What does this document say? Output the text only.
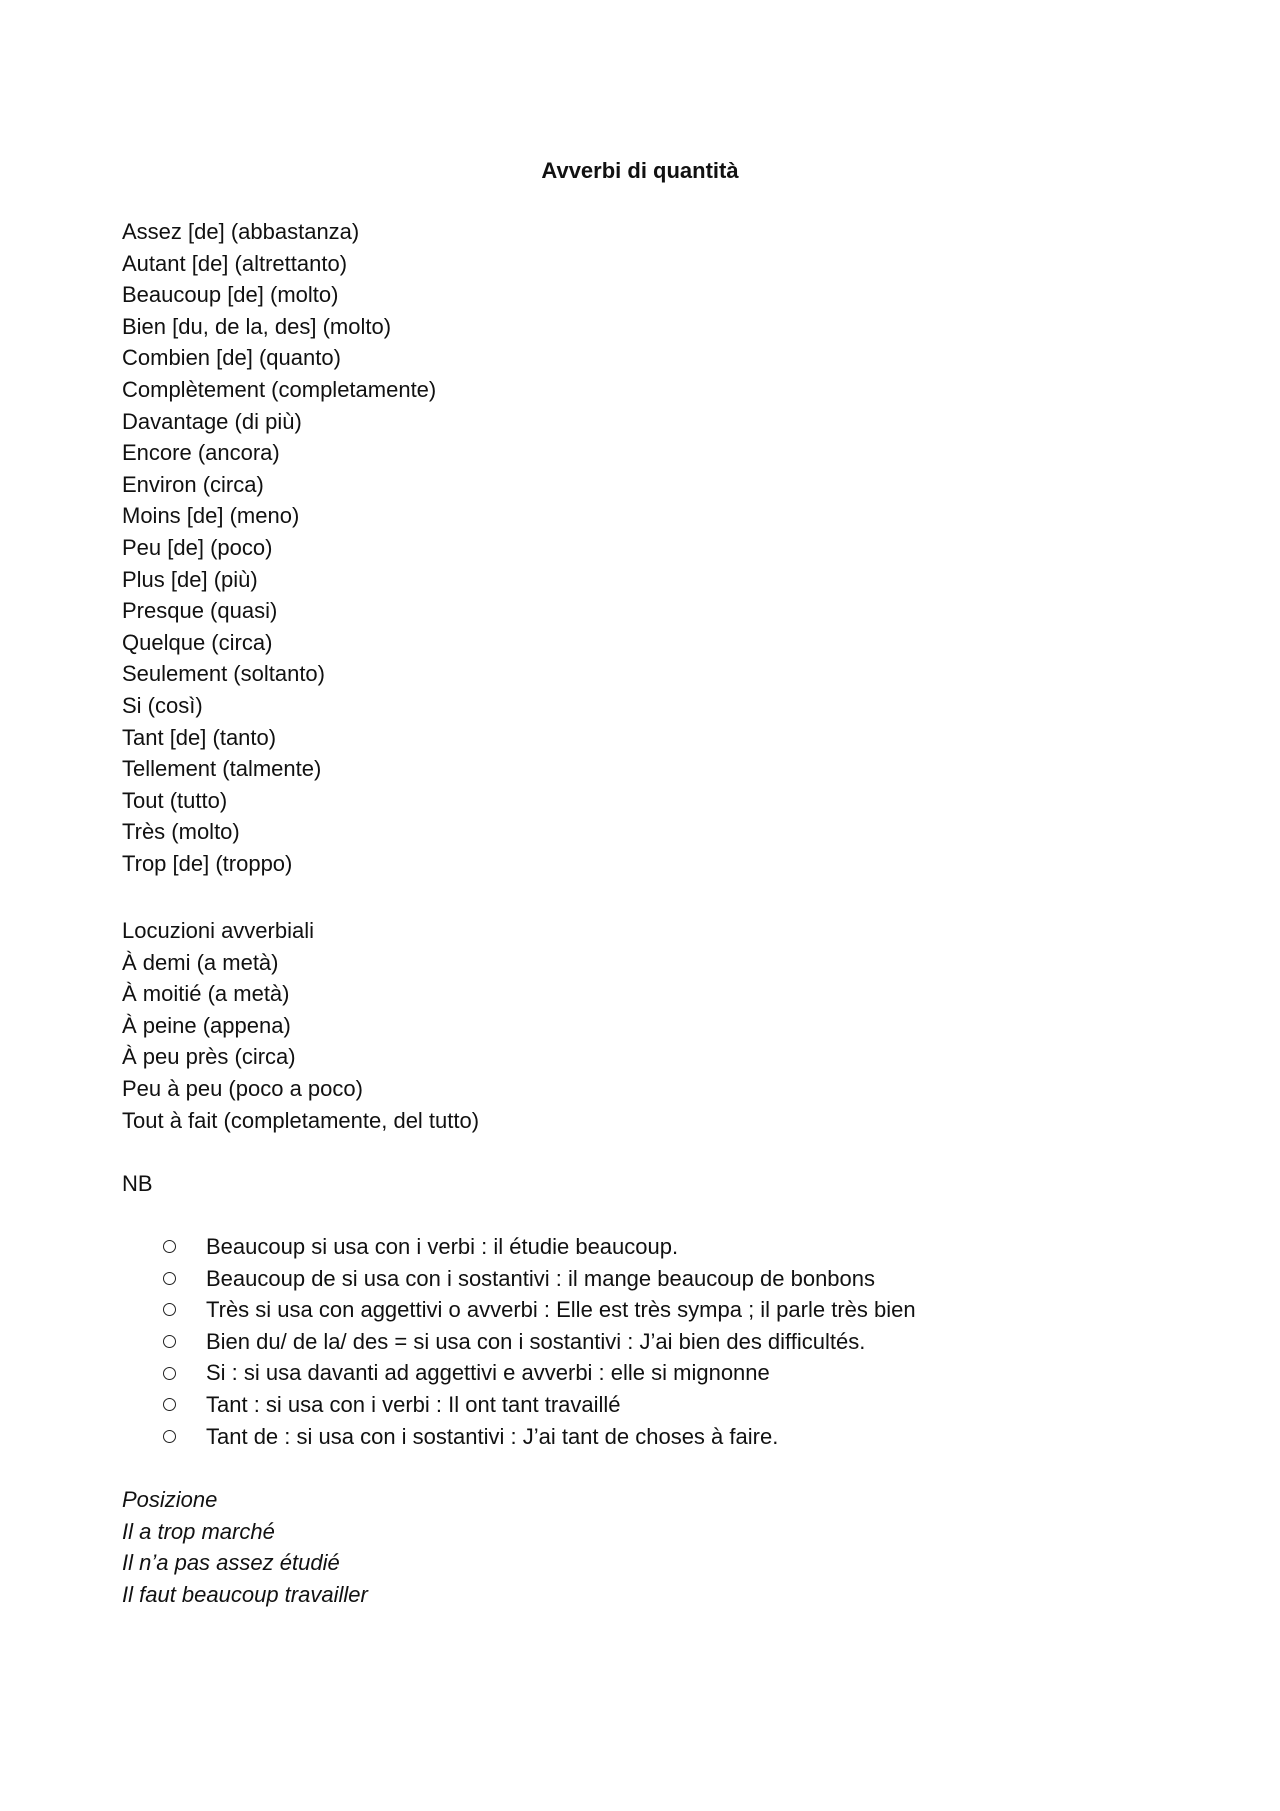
Avverbi di quantità
Assez [de] (abbastanza)
Autant [de] (altrettanto)
Beaucoup [de] (molto)
Bien [du, de la, des] (molto)
Combien [de] (quanto)
Complètement (completamente)
Davantage (di più)
Encore (ancora)
Environ (circa)
Moins [de] (meno)
Peu [de] (poco)
Plus [de] (più)
Presque (quasi)
Quelque (circa)
Seulement (soltanto)
Si (così)
Tant [de] (tanto)
Tellement (talmente)
Tout (tutto)
Très (molto)
Trop [de] (troppo)
Locuzioni avverbiali
À demi (a metà)
À moitié (a metà)
À peine (appena)
À peu près (circa)
Peu à peu (poco a poco)
Tout à fait (completamente, del tutto)
NB
Beaucoup si usa con i verbi : il étudie beaucoup.
Beaucoup de si usa con i sostantivi : il mange beaucoup de bonbons
Très si usa con aggettivi o avverbi : Elle est très sympa ; il parle très bien
Bien du/ de la/ des = si usa con i sostantivi : J’ai bien des difficultés.
Si : si usa davanti ad aggettivi e avverbi : elle si mignonne
Tant : si usa con i verbi : Il ont tant travaillé
Tant de : si usa con i sostantivi : J’ai tant de choses à faire.
Posizione
Il a trop marché
Il n’a pas assez étudié
Il faut beaucoup travailler
